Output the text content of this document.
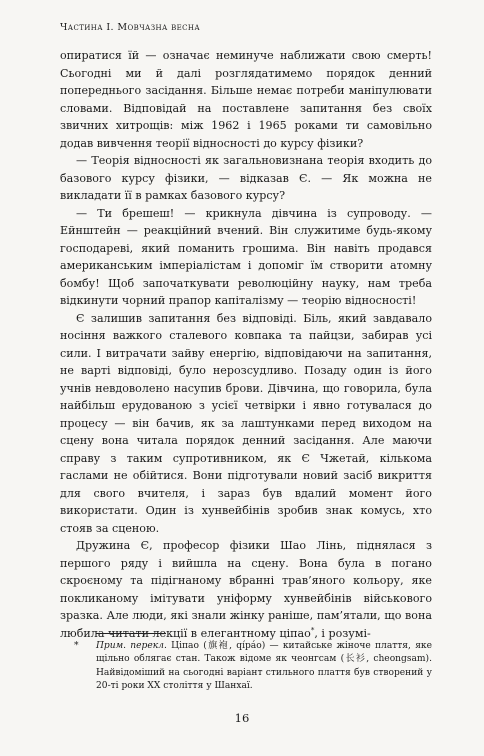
Частина I. Мовчазна весна

опиратися їй — означає неминуче наближати свою смерть! Сьогодні ми й далі розглядатимемо порядок денний попереднього засідання. Більше немає потреби маніпулювати словами. Відповідай на поставлене запитання без своїх звичних хитрощів: між 1962 і 1965 роками ти самовільно додав вивчення теорії відносності до курсу фізики?

— Теорія відносності як загальновизнана теорія входить до базового курсу фізики, — відказав Є. — Як можна не викладати її в рамках базового курсу?

— Ти брешеш! — крикнула дівчина із супроводу. — Ейнштейн — реакційний вчений. Він служитиме будь-якому господареві, який поманить грошима. Він навіть продався американським імперіалістам і допоміг їм створити атомну бомбу! Щоб започаткувати революційну науку, нам треба відкинути чорний прапор капіталізму — теорію відносності!

Є залишив запитання без відповіді. Біль, який завдавало носіння важкого сталевого ковпака та пайцзи, забирав усі сили. І витрачати зайву енергію, відповідаючи на запитання, не варті відповіді, було нерозсудливо. Позаду один із його учнів невдоволено насупив брови. Дівчина, що говорила, була найбільш ерудованою з усієї четвірки і явно готувалася до процесу — він бачив, як за лаштунками перед виходом на сцену вона читала порядок денний засідання. Але маючи справу з таким супротивником, як Є Чжетай, кількома гаслами не обійтися. Вони підготували новий засіб викриття для свого вчителя, і зараз був вдалий момент його використати. Один із хунвейбінів зробив знак комусь, хто стояв за сценою.

Дружина Є, професор фізики Шао Лінь, піднялася з першого ряду і вийшла на сцену. Вона була в погано скроєному та підігнаному вбранні трав’яного кольору, яке покликаному імітувати уніформу хунвейбінів військового зразка. Але люди, які знали жінку раніше, пам’ятали, що вона любила читати лекції в елегантному ціпао*, і розумі-

* Прим. перекл. Ціпао (旗袍, qípáo) — китайське жіноче плаття, яке щільно облягає стан. Також відоме як чеонгсам (长衫, cheongsam). Найвідоміший на сьогодні варіант стильного плаття був створений у 20-ті роки XX століття у Шанхаї.
16
